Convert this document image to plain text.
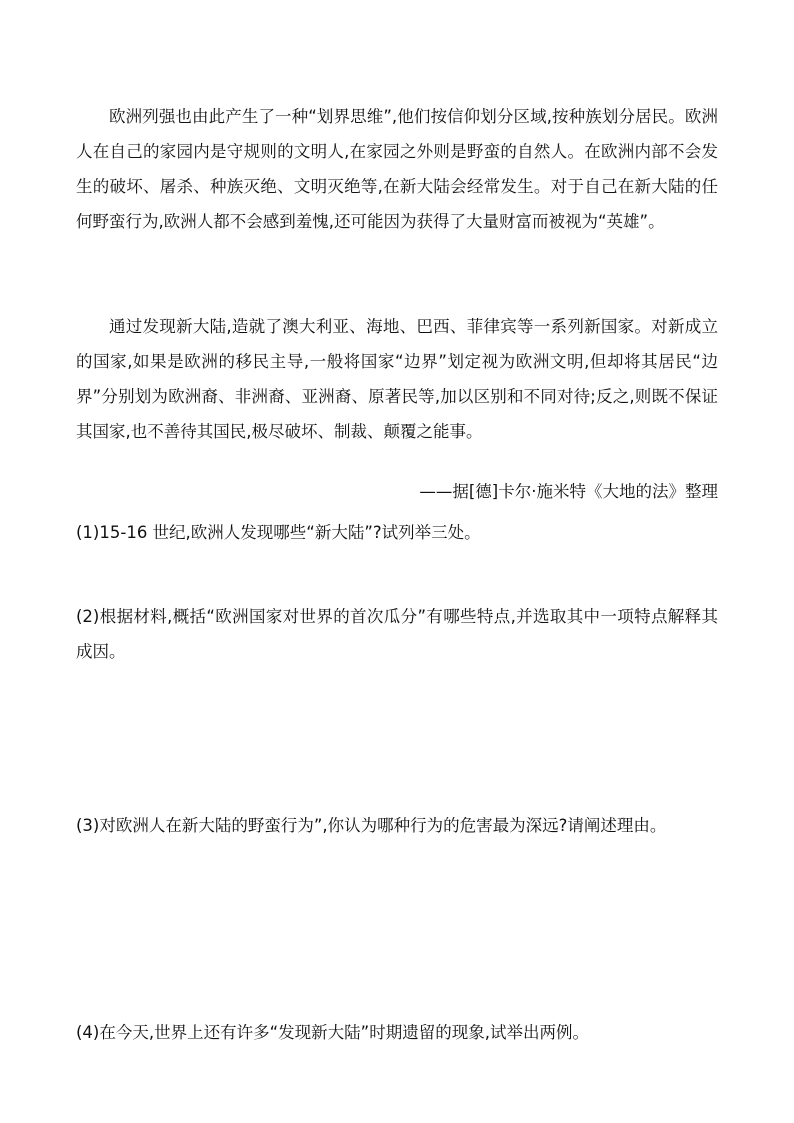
欧洲列强也由此产生了一种“划界思维”,他们按信仰划分区域,按种族划分居民。欧洲人在自己的家园内是守规则的文明人,在家园之外则是野蛮的自然人。在欧洲内部不会发生的破坏、屠杀、种族灭绝、文明灭绝等,在新大陆会经常发生。对于自己在新大陆的任何野蛮行为,欧洲人都不会感到羞愧,还可能因为获得了大量财富而被视为“英雄”。

通过发现新大陆,造就了澳大利亚、海地、巴西、菲律宾等一系列新国家。对新成立的国家,如果是欧洲的移民主导,一般将国家“边界”划定视为欧洲文明,但却将其居民“边界”分别划为欧洲裔、非洲裔、亚洲裔、原著民等,加以区别和不同对待;反之,则既不保证其国家,也不善待其国民,极尽破坏、制裁、颠覆之能事。

——据[德]卡尔·施米特《大地的法》整理

(1)15-16 世纪,欧洲人发现哪些“新大陆”?试列举三处。

(2)根据材料,概括“欧洲国家对世界的首次瓜分”有哪些特点,并选取其中一项特点解释其成因。

(3)对欧洲人在新大陆的野蛮行为”,你认为哪种行为的危害最为深远?请阐述理由。

(4)在今天,世界上还有许多“发现新大陆”时期遗留的现象,试举出两例。
